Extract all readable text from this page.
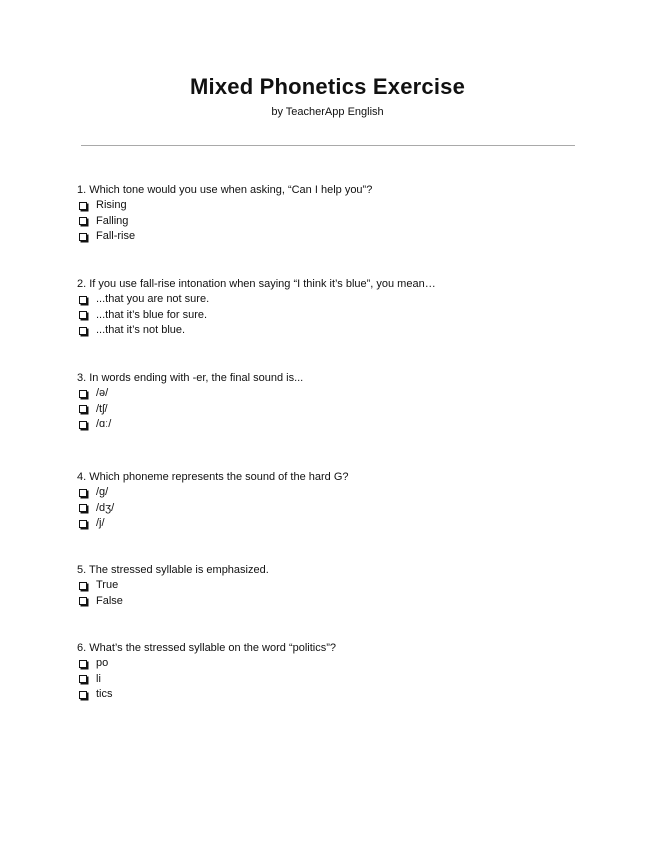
Mixed Phonetics Exercise
by TeacherApp English
1. Which tone would you use when asking, “Can I help you”?
Rising
Falling
Fall-rise
2. If you use fall-rise intonation when saying “I think it’s blue”, you mean…
...that you are not sure.
...that it’s blue for sure.
...that it’s not blue.
3. In words ending with -er, the final sound is...
/ə/
/tʃ/
/ɑː/
4. Which phoneme represents the sound of the hard G?
/g/
/dʒ/
/j/
5. The stressed syllable is emphasized.
True
False
6. What’s the stressed syllable on the word “politics”?
po
li
tics
